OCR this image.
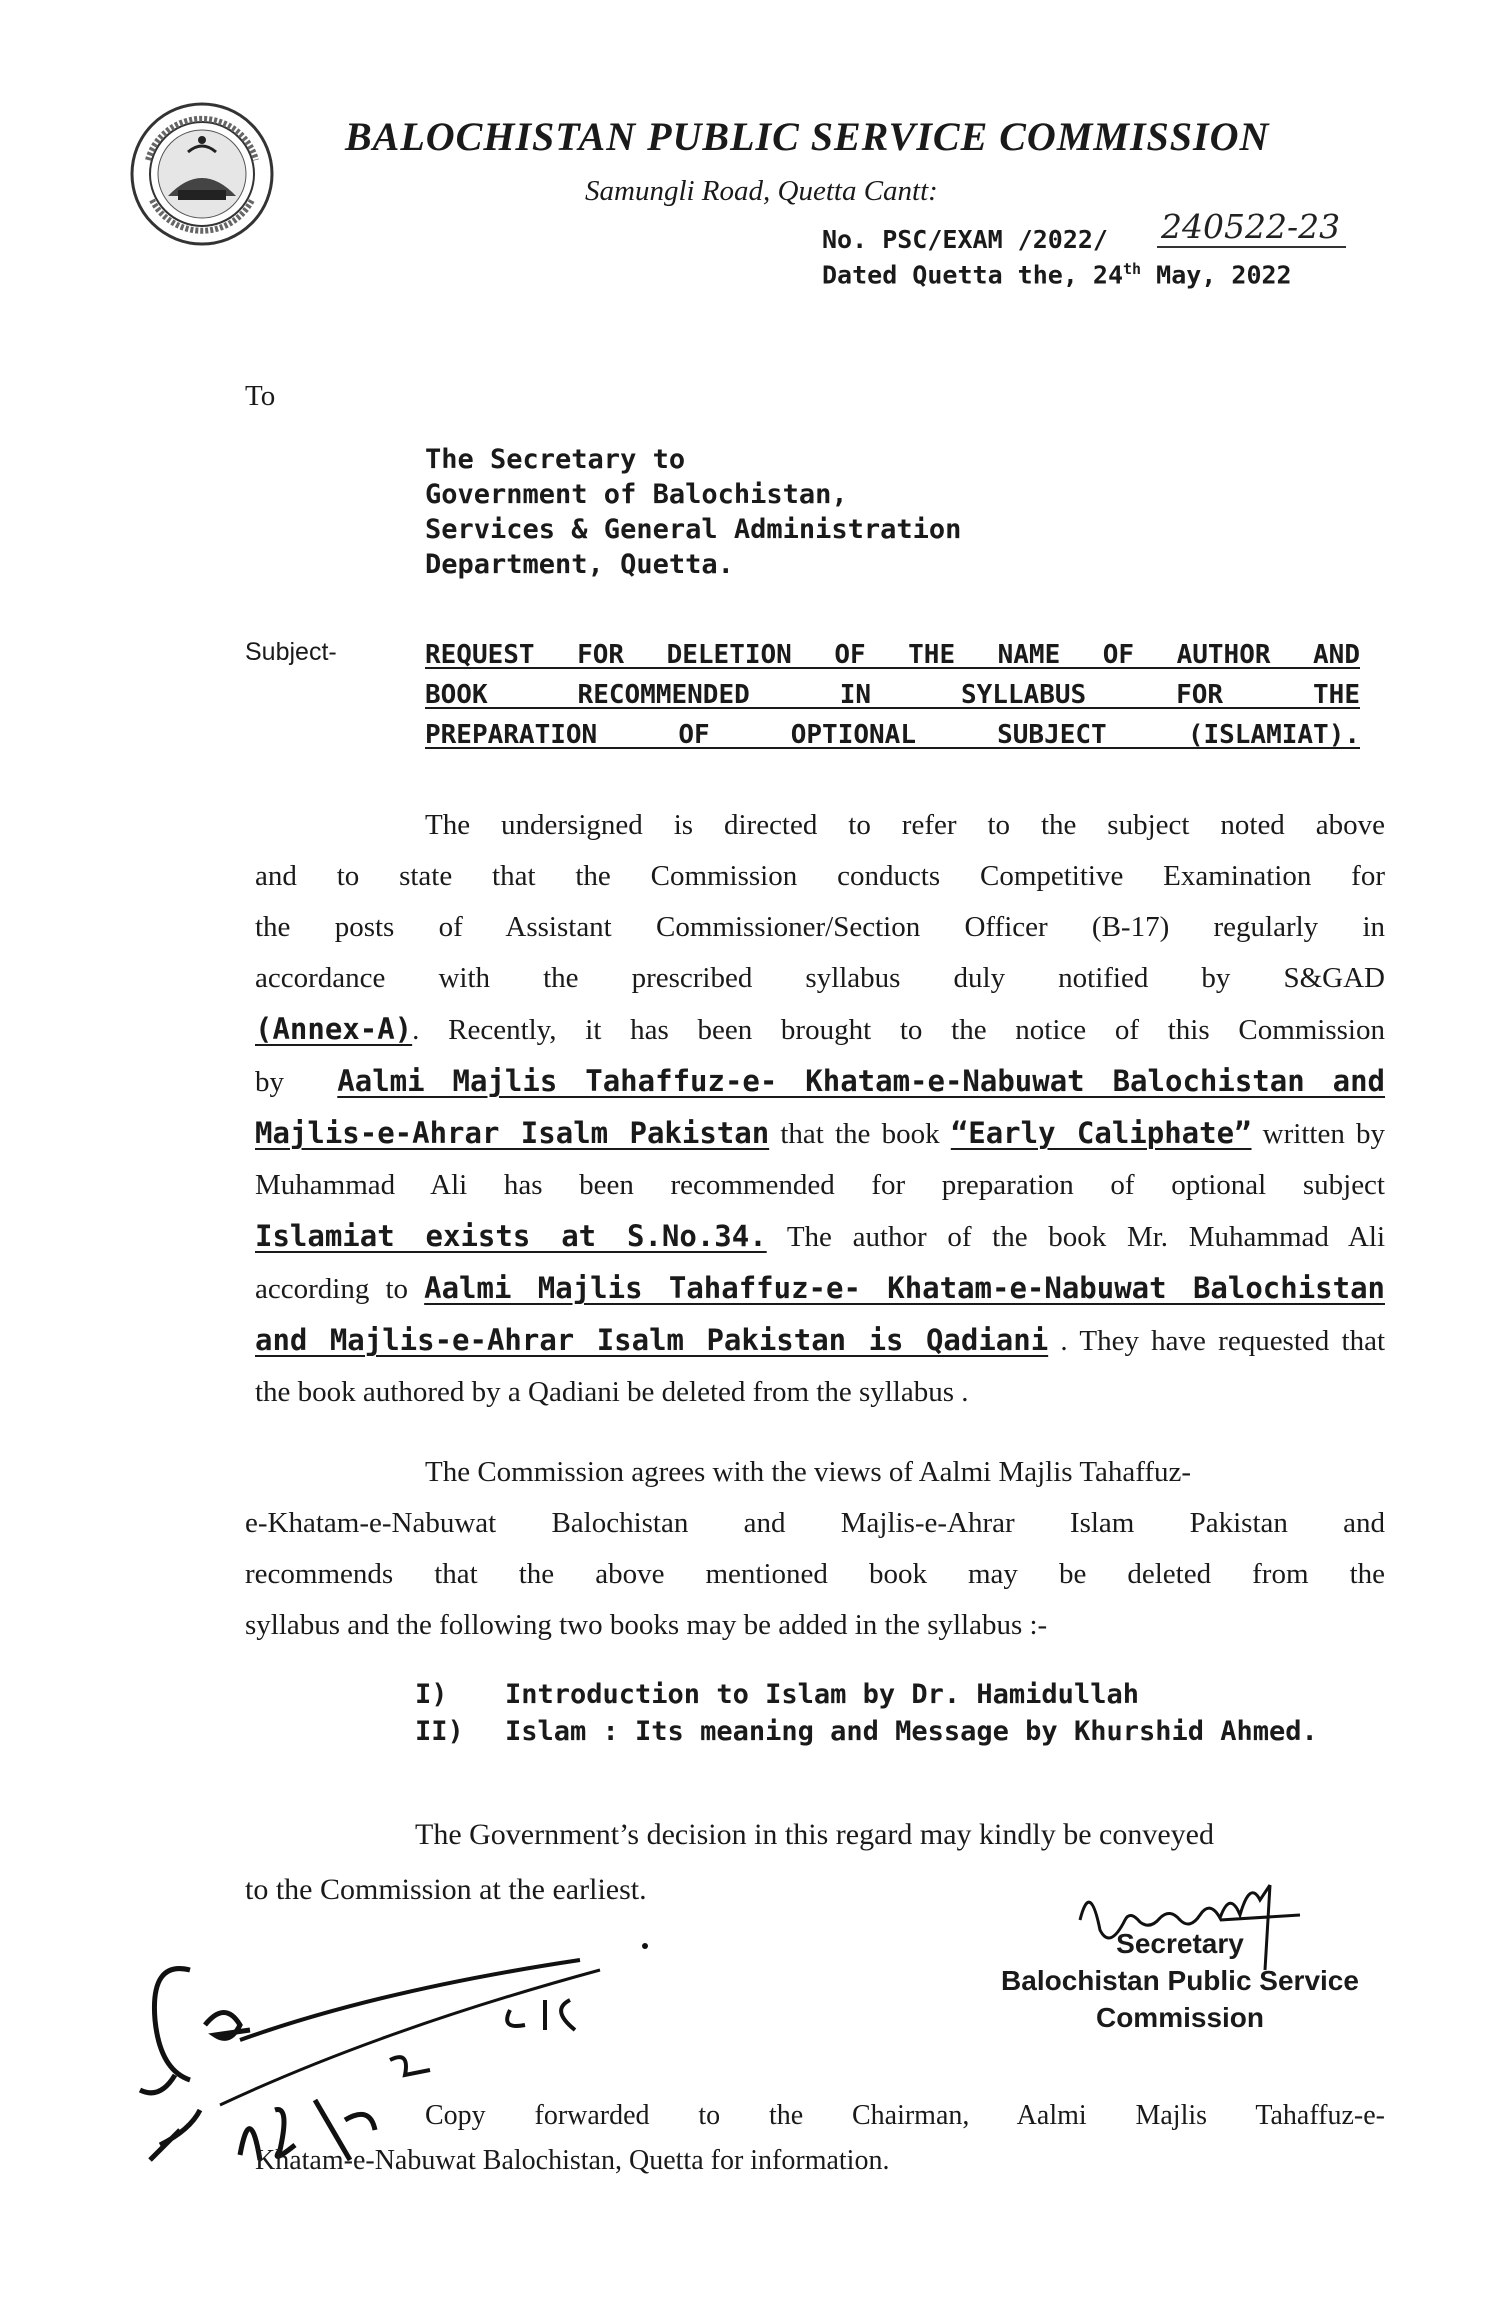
BALOCHISTAN PUBLIC SERVICE COMMISSION
Samungli Road, Quetta Cantt:
No. PSC/EXAM /2022/ 240522-23
Dated Quetta the, 24th May, 2022
To
The Secretary to
Government of Balochistan,
Services & General Administration
Department, Quetta.
Subject-	REQUEST FOR DELETION OF THE NAME OF AUTHOR AND
BOOK RECOMMENDED IN SYLLABUS FOR THE
PREPARATION OF OPTIONAL SUBJECT (ISLAMIAT).
The undersigned is directed to refer to the subject noted above
and to state that the Commission conducts Competitive Examination for
the posts of Assistant Commissioner/Section Officer (B-17) regularly in
accordance with the prescribed syllabus duly notified by S&GAD
(Annex-A). Recently, it has been brought to the notice of this Commission
by Aalmi Majlis Tahaffuz-e- Khatam-e-Nabuwat Balochistan and
Majlis-e-Ahrar Isalm Pakistan that the book “Early Caliphate” written by
Muhammad Ali has been recommended for preparation of optional subject
Islamiat exists at S.No.34. The author of the book Mr. Muhammad Ali
according to Aalmi Majlis Tahaffuz-e- Khatam-e-Nabuwat Balochistan
and Majlis-e-Ahrar Isalm Pakistan is Qadiani . They have requested that
the book authored by a Qadiani be deleted from the syllabus .
The Commission agrees with the views of Aalmi Majlis Tahaffuz-
e-Khatam-e-Nabuwat Balochistan and Majlis-e-Ahrar Islam Pakistan and
recommends that the above mentioned book may be deleted from the
syllabus and the following two books may be added in the syllabus :-
I) Introduction to Islam by Dr. Hamidullah
II) Islam : Its meaning and Message by Khurshid Ahmed.
The Government’s decision in this regard may kindly be conveyed
to the Commission at the earliest.
Secretary
Balochistan Public Service
Commission
Copy forwarded to the Chairman, Aalmi Majlis Tahaffuz-e-
Khatam-e-Nabuwat Balochistan, Quetta for information.
